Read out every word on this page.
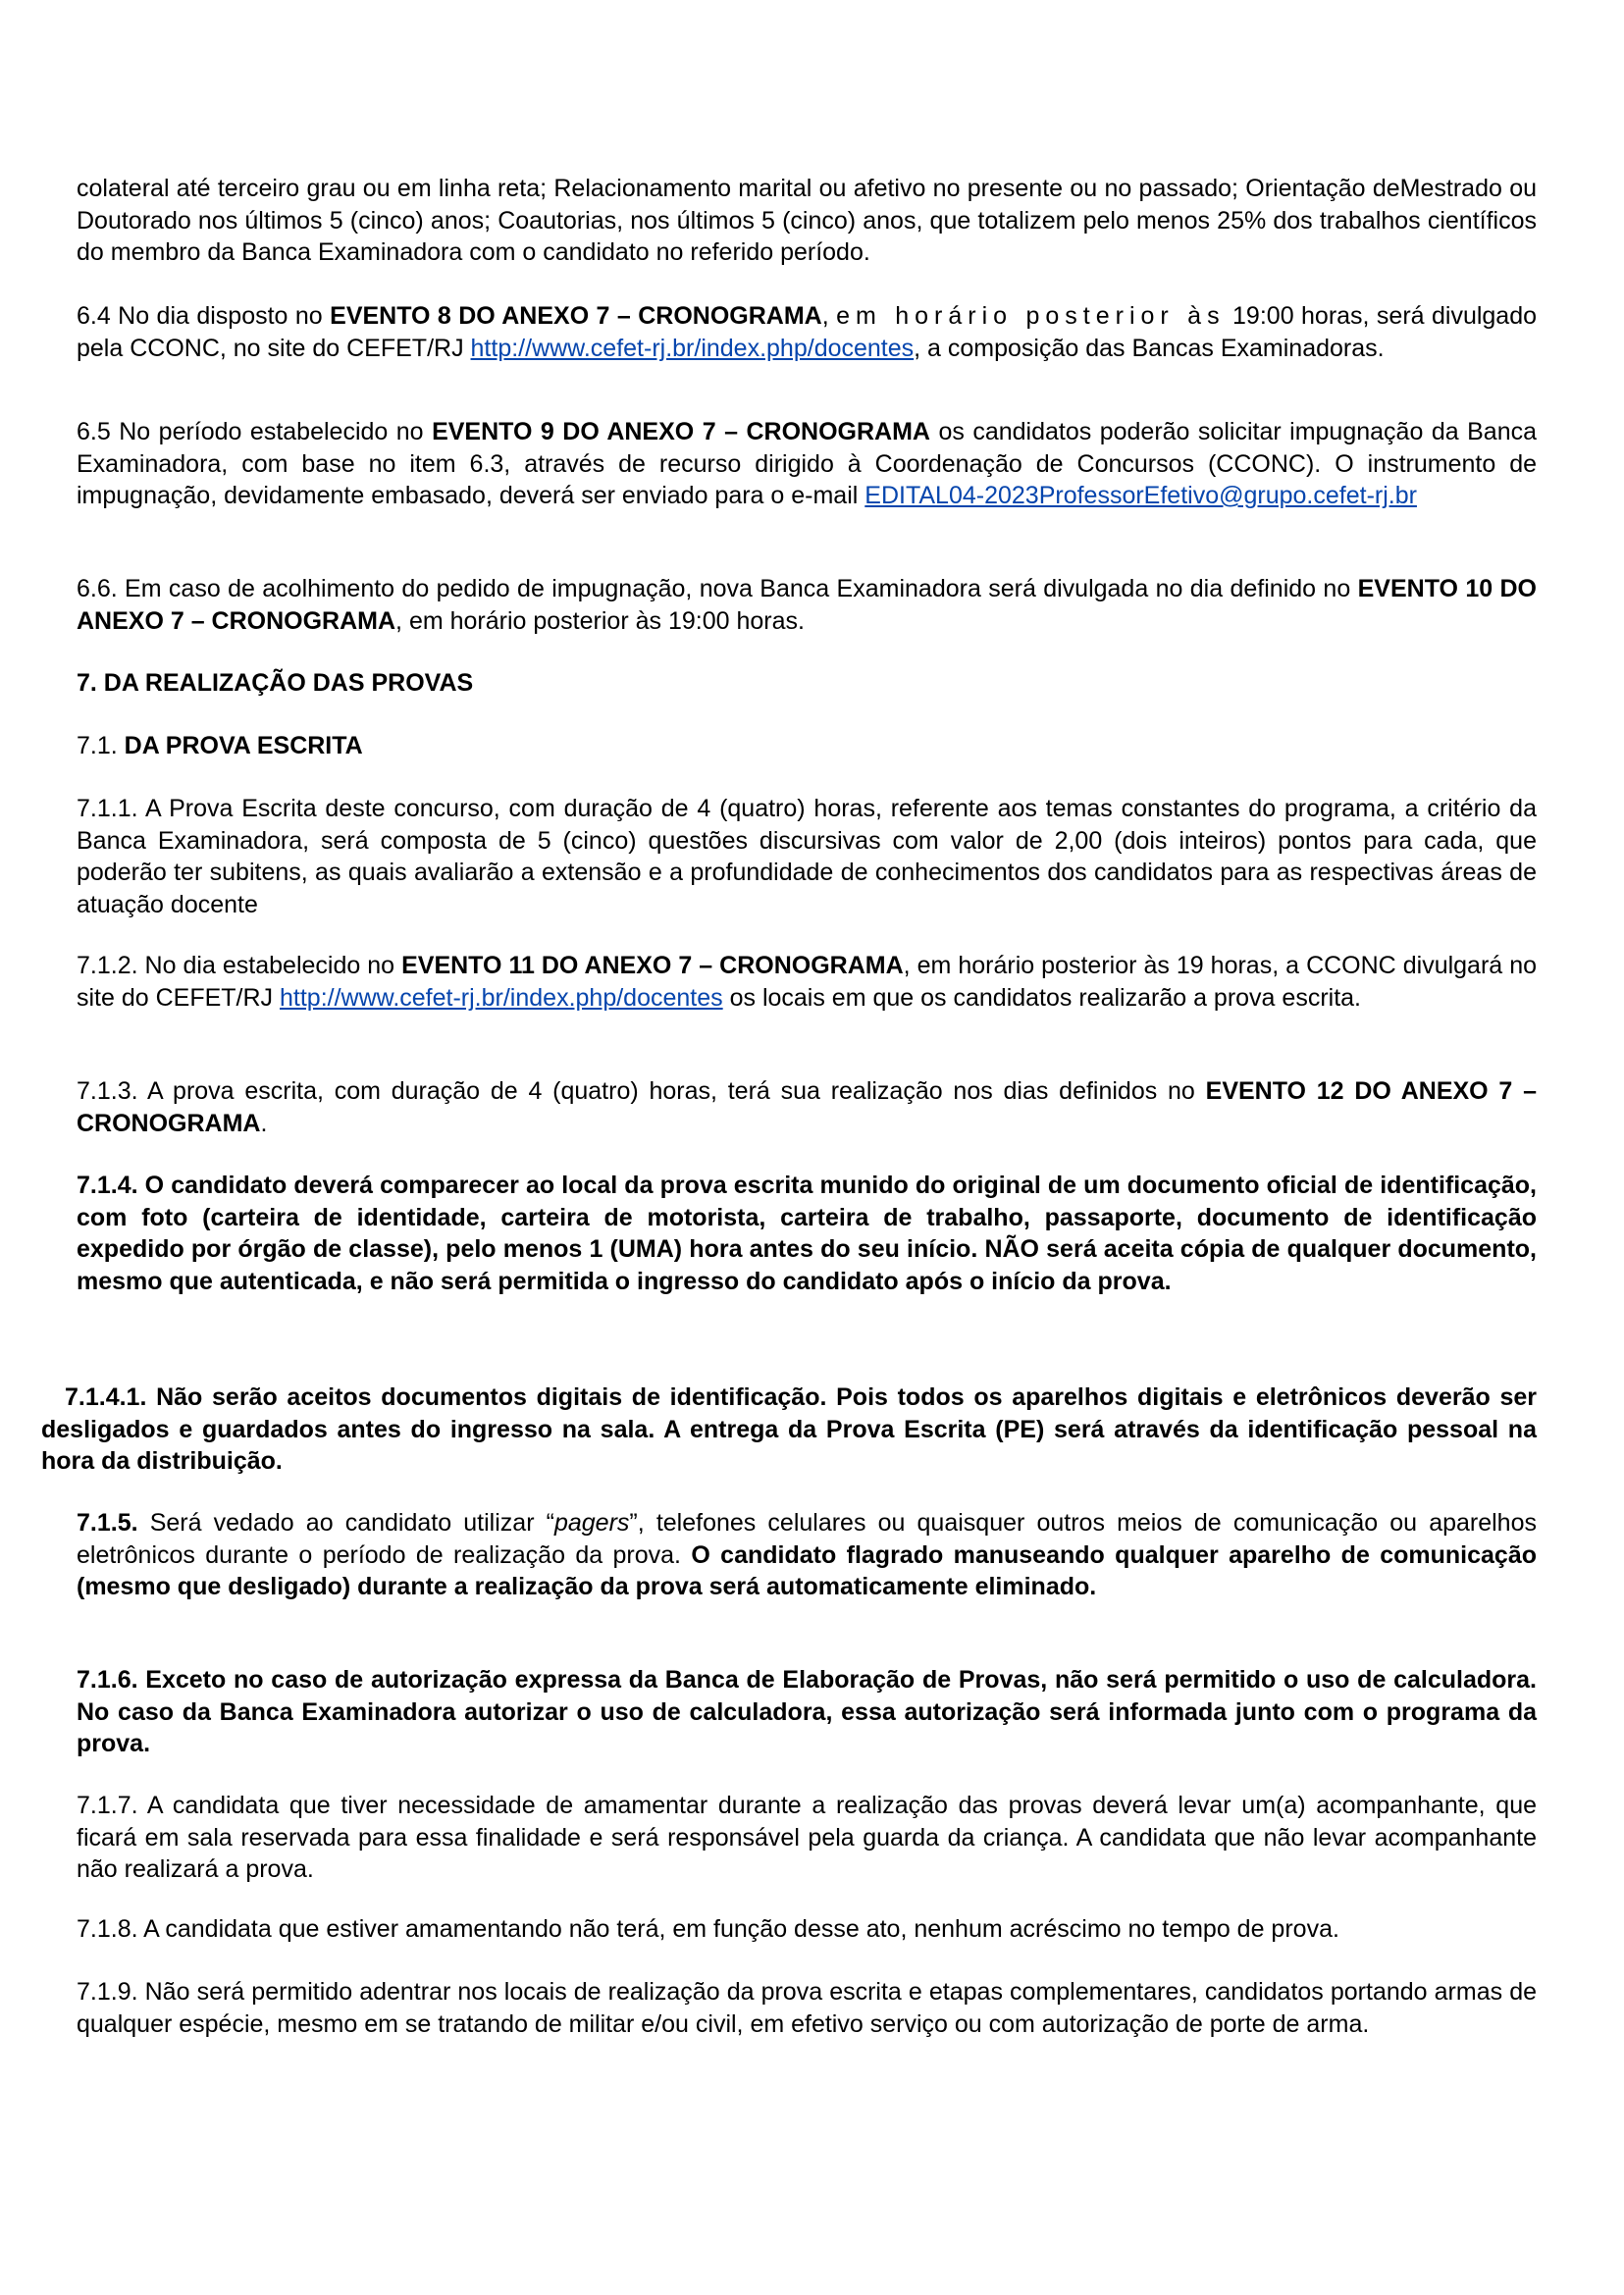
colateral até terceiro grau ou em linha reta; Relacionamento marital ou afetivo no presente ou no passado; Orientação deMestrado ou Doutorado nos últimos 5 (cinco) anos; Coautorias, nos últimos 5 (cinco) anos, que totalizem pelo menos 25% dos trabalhos científicos do membro da Banca Examinadora com o candidato no referido período.

6.4 No dia disposto no EVENTO 8 DO ANEXO 7 – CRONOGRAMA, em horário posterior às 19:00 horas, será divulgado pela CCONC, no site do CEFET/RJ http://www.cefet-rj.br/index.php/docentes, a composição das Bancas Examinadoras.

6.5 No período estabelecido no EVENTO 9 DO ANEXO 7 – CRONOGRAMA os candidatos poderão solicitar impugnação da Banca Examinadora, com base no item 6.3, através de recurso dirigido à Coordenação de Concursos (CCONC). O instrumento de impugnação, devidamente embasado, deverá ser enviado para o e-mail EDITAL04-2023ProfessorEfetivo@grupo.cefet-rj.br

6.6. Em caso de acolhimento do pedido de impugnação, nova Banca Examinadora será divulgada no dia definido no EVENTO 10 DO ANEXO 7 – CRONOGRAMA, em horário posterior às 19:00 horas.

7. DA REALIZAÇÃO DAS PROVAS

7.1. DA PROVA ESCRITA

7.1.1. A Prova Escrita deste concurso, com duração de 4 (quatro) horas, referente aos temas constantes do programa, a critério da Banca Examinadora, será composta de 5 (cinco) questões discursivas com valor de 2,00 (dois inteiros) pontos para cada, que poderão ter subitens, as quais avaliarão a extensão e a profundidade de conhecimentos dos candidatos para as respectivas áreas de atuação docente

7.1.2. No dia estabelecido no EVENTO 11 DO ANEXO 7 – CRONOGRAMA, em horário posterior às 19 horas, a CCONC divulgará no site do CEFET/RJ http://www.cefet-rj.br/index.php/docentes os locais em que os candidatos realizarão a prova escrita.

7.1.3. A prova escrita, com duração de 4 (quatro) horas, terá sua realização nos dias definidos no EVENTO 12 DO ANEXO 7 – CRONOGRAMA.

7.1.4. O candidato deverá comparecer ao local da prova escrita munido do original de um documento oficial de identificação, com foto (carteira de identidade, carteira de motorista, carteira de trabalho, passaporte, documento de identificação expedido por órgão de classe), pelo menos 1 (UMA) hora antes do seu início. NÃO será aceita cópia de qualquer documento, mesmo que autenticada, e não será permitida o ingresso do candidato após o início da prova.

7.1.4.1. Não serão aceitos documentos digitais de identificação. Pois todos os aparelhos digitais e eletrônicos deverão ser desligados e guardados antes do ingresso na sala. A entrega da Prova Escrita (PE) será através da identificação pessoal na hora da distribuição.

7.1.5. Será vedado ao candidato utilizar “pagers”, telefones celulares ou quaisquer outros meios de comunicação ou aparelhos eletrônicos durante o período de realização da prova. O candidato flagrado manuseando qualquer aparelho de comunicação (mesmo que desligado) durante a realização da prova será automaticamente eliminado.

7.1.6. Exceto no caso de autorização expressa da Banca de Elaboração de Provas, não será permitido o uso de calculadora. No caso da Banca Examinadora autorizar o uso de calculadora, essa autorização será informada junto com o programa da prova.

7.1.7. A candidata que tiver necessidade de amamentar durante a realização das provas deverá levar um(a) acompanhante, que ficará em sala reservada para essa finalidade e será responsável pela guarda da criança. A candidata que não levar acompanhante não realizará a prova.

7.1.8. A candidata que estiver amamentando não terá, em função desse ato, nenhum acréscimo no tempo de prova.

7.1.9. Não será permitido adentrar nos locais de realização da prova escrita e etapas complementares, candidatos portando armas de qualquer espécie, mesmo em se tratando de militar e/ou civil, em efetivo serviço ou com autorização de porte de arma.
